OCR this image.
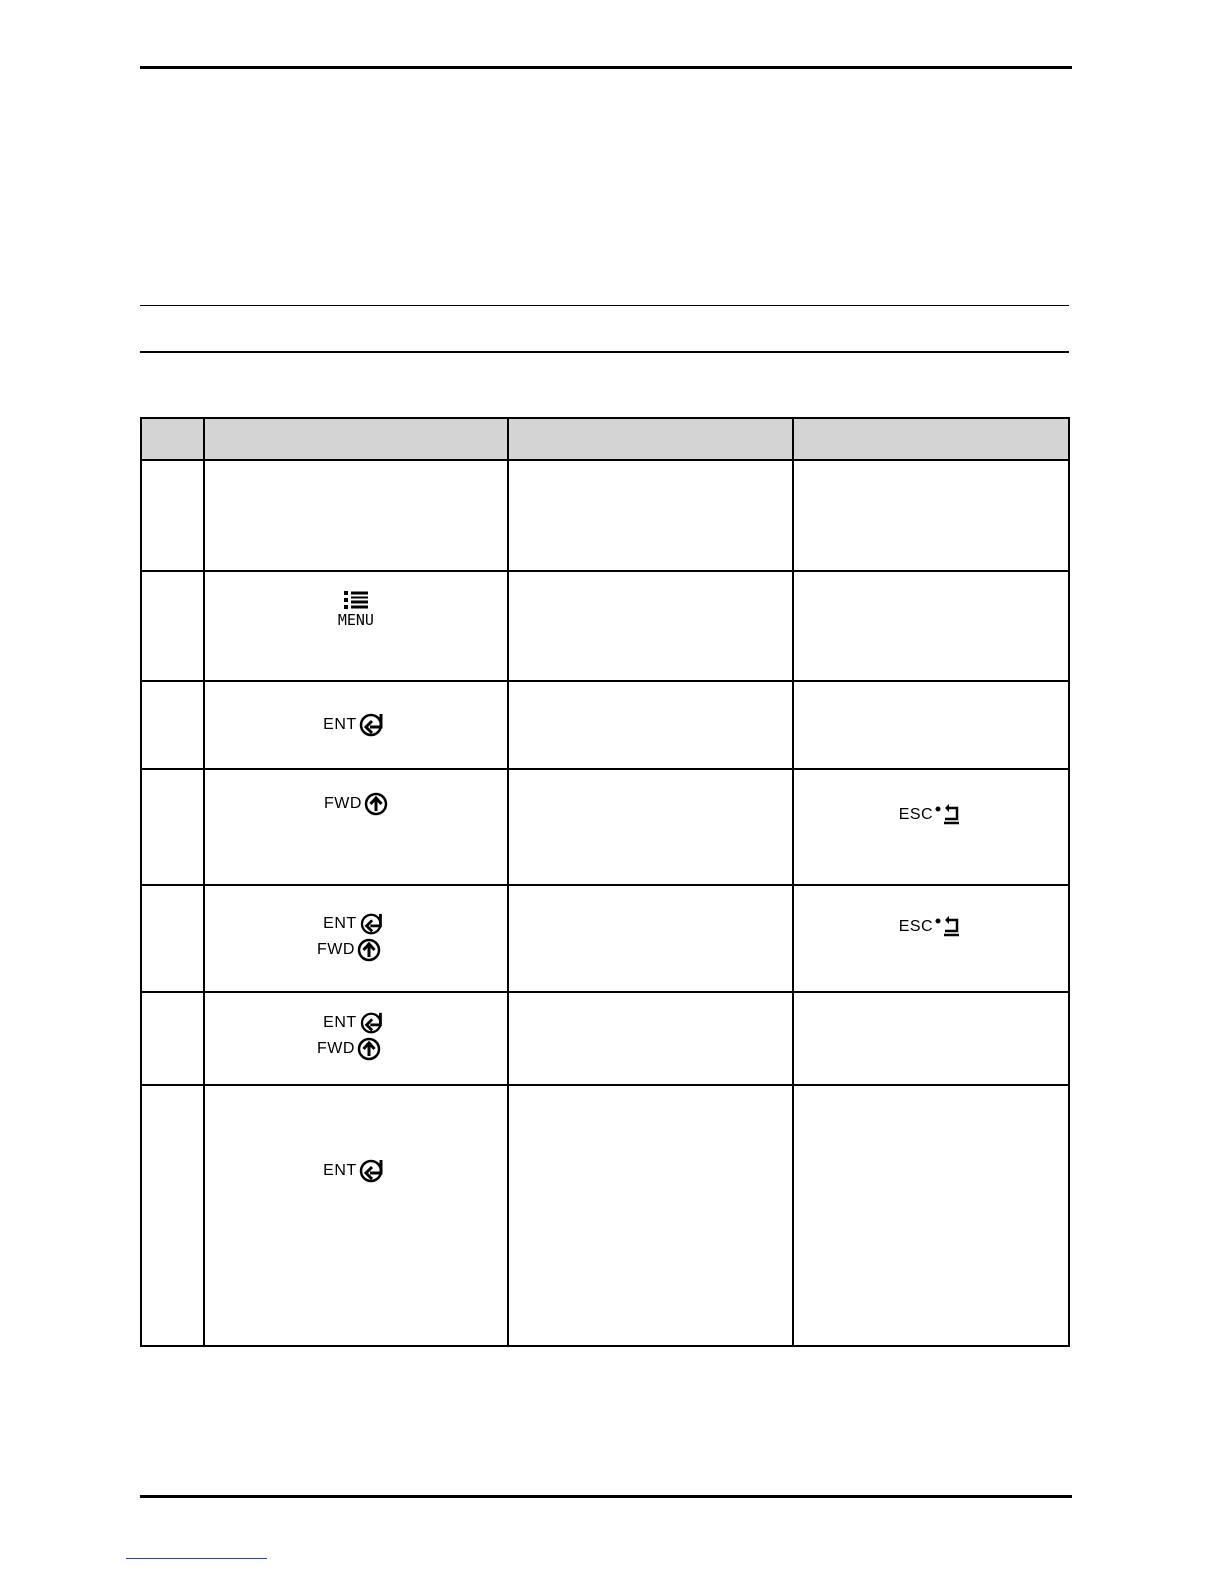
	MENU		

	ENT		

	FWD		ESC

	ENT
FWD		ESC

	ENT
FWD		

	ENT		
